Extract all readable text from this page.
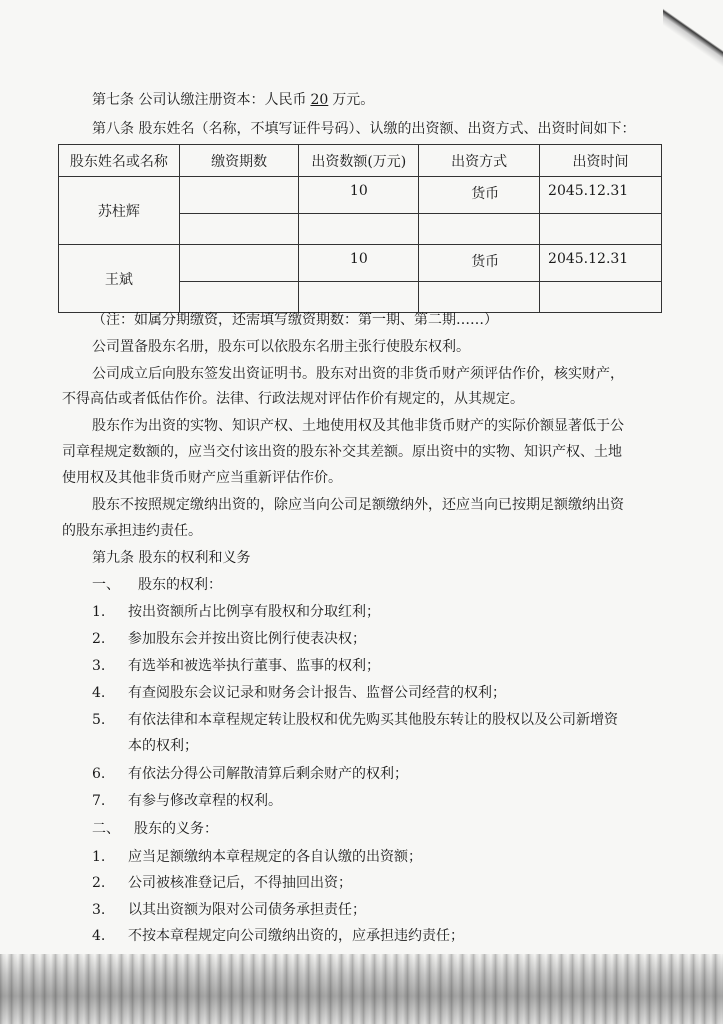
第七条 公司认缴注册资本：人民币 20 万元。
第八条 股东姓名（名称，不填写证件号码）、认缴的出资额、出资方式、出资时间如下：
股东姓名或名称	缴资期数	出资数额(万元)	出资方式	出资时间
苏柱辉		10	货币	2045.12.31

王斌		10	货币	2045.12.31

（注：如属分期缴资，还需填写缴资期数：第一期、第二期……）
公司置备股东名册，股东可以依股东名册主张行使股东权利。
公司成立后向股东签发出资证明书。股东对出资的非货币财产须评估作价，核实财产，
不得高估或者低估作价。法律、行政法规对评估作价有规定的，从其规定。
股东作为出资的实物、知识产权、土地使用权及其他非货币财产的实际价额显著低于公
司章程规定数额的，应当交付该出资的股东补交其差额。原出资中的实物、知识产权、土地
使用权及其他非货币财产应当重新评估作价。
股东不按照规定缴纳出资的，除应当向公司足额缴纳外，还应当向已按期足额缴纳出资
的股东承担违约责任。
第九条 股东的权利和义务
一、 股东的权利：
1. 按出资额所占比例享有股权和分取红利；
2. 参加股东会并按出资比例行使表决权；
3. 有选举和被选举执行董事、监事的权利；
4. 有查阅股东会议记录和财务会计报告、监督公司经营的权利；
5. 有依法律和本章程规定转让股权和优先购买其他股东转让的股权以及公司新增资
本的权利；
6. 有依法分得公司解散清算后剩余财产的权利；
7. 有参与修改章程的权利。
二、 股东的义务：
1. 应当足额缴纳本章程规定的各自认缴的出资额；
2. 公司被核准登记后，不得抽回出资；
3. 以其出资额为限对公司债务承担责任；
4. 不按本章程规定向公司缴纳出资的，应承担违约责任；
